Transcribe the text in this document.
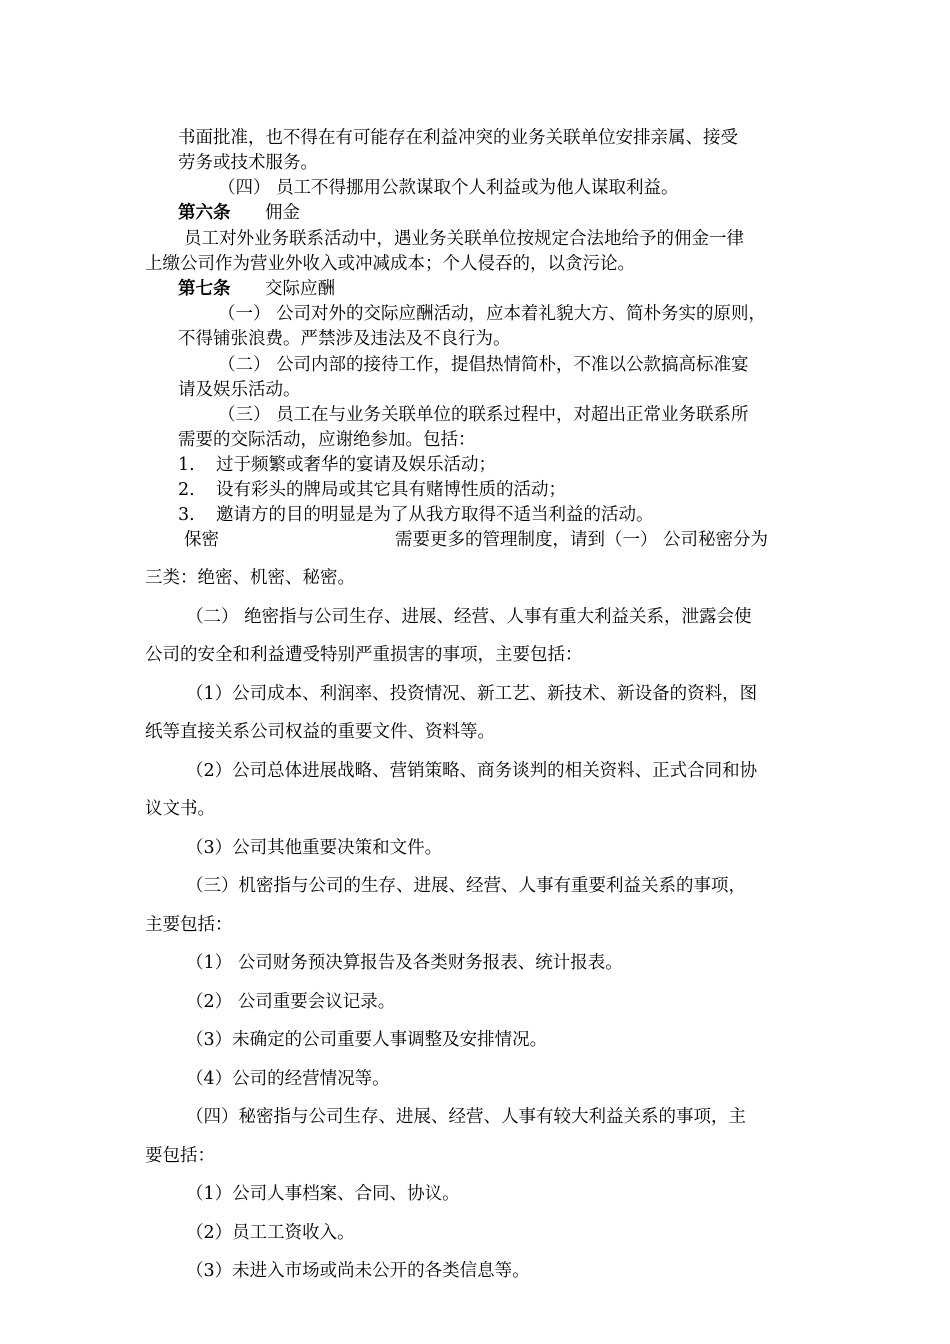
书面批准，也不得在有可能存在利益冲突的业务关联单位安排亲属、接受
劳务或技术服务。
（四） 员工不得挪用公款谋取个人利益或为他人谋取利益。
第六条 佣金
员工对外业务联系活动中，遇业务关联单位按规定合法地给予的佣金一律
上缴公司作为营业外收入或冲减成本；个人侵吞的，以贪污论。
第七条 交际应酬
（一） 公司对外的交际应酬活动，应本着礼貌大方、简朴务实的原则，
不得铺张浪费。严禁涉及违法及不良行为。
（二） 公司内部的接待工作，提倡热情简朴，不准以公款搞高标准宴
请及娱乐活动。
（三） 员工在与业务关联单位的联系过程中，对超出正常业务联系所
需要的交际活动，应谢绝参加。包括：
1. 过于频繁或奢华的宴请及娱乐活动；
2. 设有彩头的牌局或其它具有赌博性质的活动；
3. 邀请方的目的明显是为了从我方取得不适当利益的活动。
保密	需要更多的管理制度，请到（一） 公司秘密分为
三类：绝密、机密、秘密。
（二） 绝密指与公司生存、进展、经营、人事有重大利益关系，泄露会使
公司的安全和利益遭受特别严重损害的事项，主要包括：
（1）公司成本、利润率、投资情况、新工艺、新技术、新设备的资料，图
纸等直接关系公司权益的重要文件、资料等。
（2）公司总体进展战略、营销策略、商务谈判的相关资料、正式合同和协
议文书。
（3）公司其他重要决策和文件。
（三）机密指与公司的生存、进展、经营、人事有重要利益关系的事项，
主要包括：
（1） 公司财务预决算报告及各类财务报表、统计报表。
（2） 公司重要会议记录。
（3）未确定的公司重要人事调整及安排情况。
（4）公司的经营情况等。
（四）秘密指与公司生存、进展、经营、人事有较大利益关系的事项，主
要包括：
（1）公司人事档案、合同、协议。
（2）员工工资收入。
（3）未进入市场或尚未公开的各类信息等。
